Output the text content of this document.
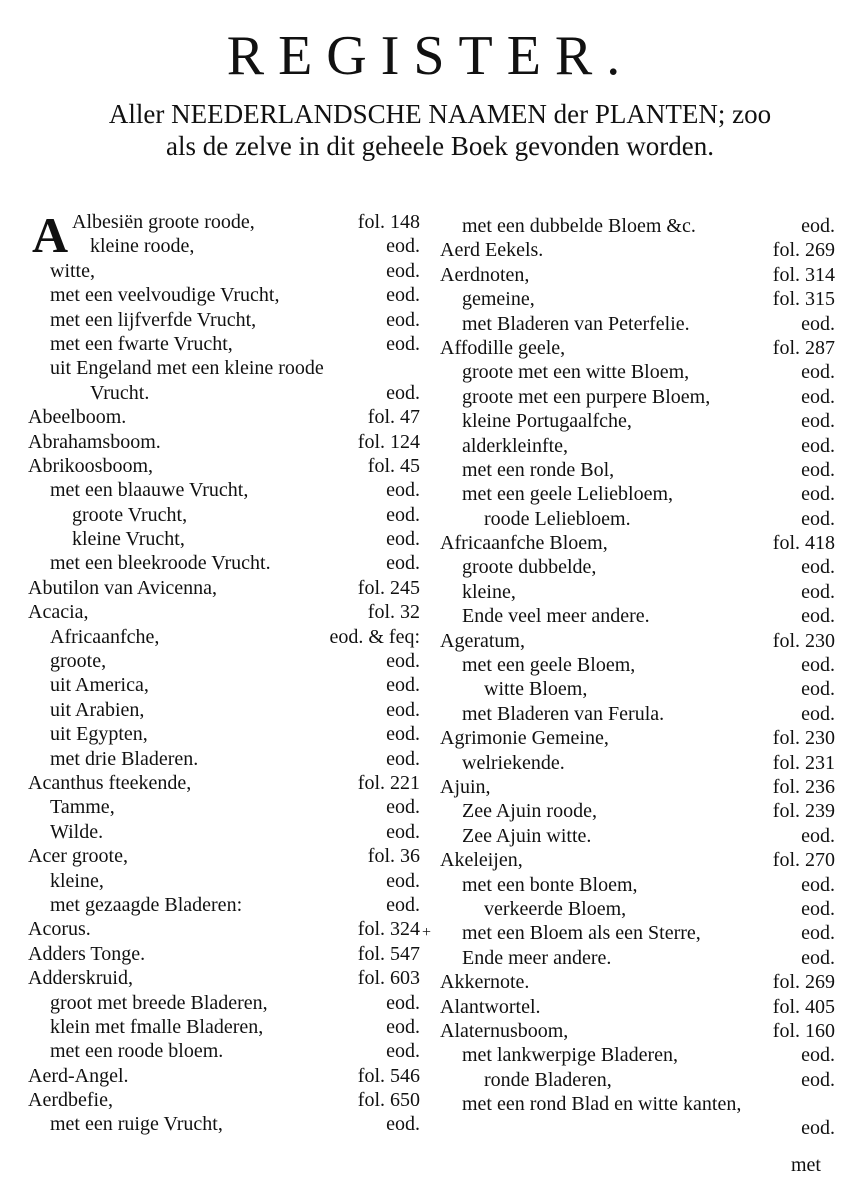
REGISTER.
Aller NEEDERLANDSCHE NAAMEN der PLANTEN; zoo
als de zelve in dit geheele Boek gevonden worden.
A Albesiën groote roode,	fol. 148
kleine roode,	eod.
witte,	eod.
met een veelvoudige Vrucht,	eod.
met een lijfverfde Vrucht,	eod.
met een fwarte Vrucht,	eod.
uit Engeland met een kleine roode
Vrucht.	eod.
Abeelboom.	fol. 47
Abrahamsboom.	fol. 124
Abrikoosboom,	fol. 45
met een blaauwe Vrucht,	eod.
groote Vrucht,	eod.
kleine Vrucht,	eod.
met een bleekroode Vrucht.	eod.
Abutilon van Avicenna,	fol. 245
Acacia,	fol. 32
Africaanfche,	eod. & feq:
groote,	eod.
uit America,	eod.
uit Arabien,	eod.
uit Egypten,	eod.
met drie Bladeren.	eod.
Acanthus fteekende,	fol. 221
Tamme,	eod.
Wilde.	eod.
Acer groote,	fol. 36
kleine,	eod.
met gezaagde Bladeren:	eod.
Acorus.	fol. 324
Adders Tonge.	fol. 547
Adderskruid,	fol. 603
groot met breede Bladeren,	eod.
klein met fmalle Bladeren,	eod.
met een roode bloem.	eod.
Aerd-Angel.	fol. 546
Aerdbefie,	fol. 650
met een ruige Vrucht,	eod.
met een dubbelde Bloem &c.	eod.
Aerd Eekels.	fol. 269
Aerdnoten,	fol. 314
gemeine,	fol. 315
met Bladeren van Peterfelie.	eod.
Affodille geele,	fol. 287
groote met een witte Bloem,	eod.
groote met een purpere Bloem,	eod.
kleine Portugaalfche,	eod.
alderkleinfte,	eod.
met een ronde Bol,	eod.
met een geele Leliebloem,	eod.
roode Leliebloem.	eod.
Africaanfche Bloem,	fol. 418
groote dubbelde,	eod.
kleine,	eod.
Ende veel meer andere.	eod.
Ageratum,	fol. 230
met een geele Bloem,	eod.
witte Bloem,	eod.
met Bladeren van Ferula.	eod.
Agrimonie Gemeine,	fol. 230
welriekende.	fol. 231
Ajuin,	fol. 236
Zee Ajuin roode,	fol. 239
Zee Ajuin witte.	eod.
Akeleijen,	fol. 270
met een bonte Bloem,	eod.
verkeerde Bloem,	eod.
+ met een Bloem als een Sterre,	eod.
Ende meer andere.	eod.
Akkernote.	fol. 269
Alantwortel.	fol. 405
Alaternusboom,	fol. 160
met lankwerpige Bladeren,	eod.
ronde Bladeren,	eod.
met een rond Blad en witte kanten,
eod.
met
